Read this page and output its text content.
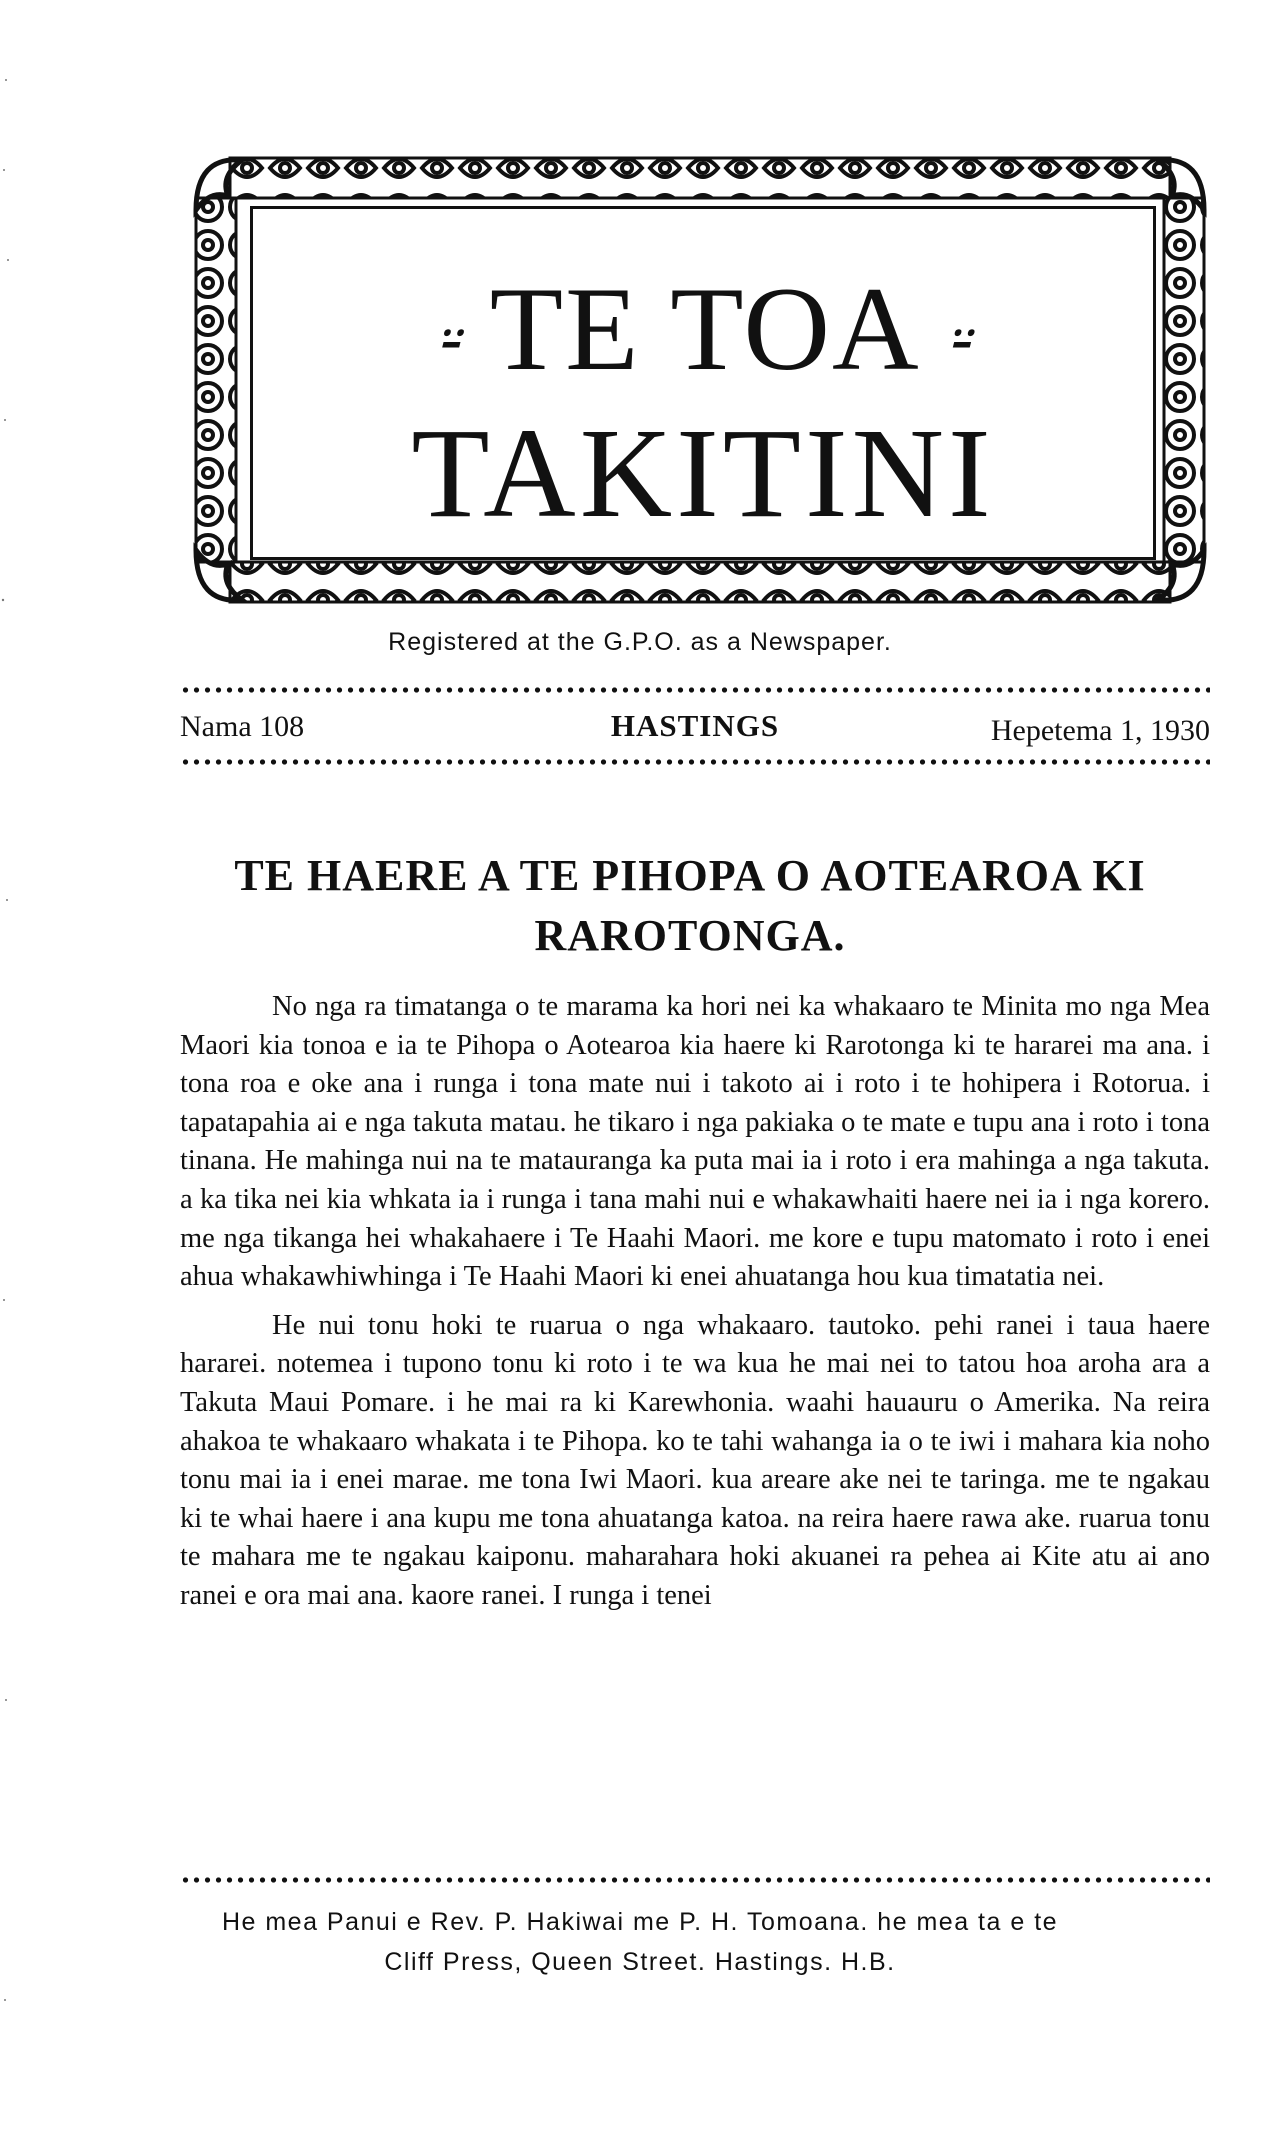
⸚ TE TOA ⸚
TAKITINI
Registered at the G.P.O. as a Newspaper.
Nama 108	HASTINGS	Hepetema 1, 1930
TE HAERE A TE PIHOPA O AOTEAROA KI RAROTONGA.

No nga ra timatanga o te marama ka hori nei ka whakaaro te Minita mo nga Mea Maori kia tonoa e ia te Pihopa o Aotearoa kia haere ki Rarotonga ki te hararei ma ana. i tona roa e oke ana i runga i tona mate nui i takoto ai i roto i te hohipera i Rotorua. i tapatapahia ai e nga takuta matau. he tikaro i nga pakiaka o te mate e tupu ana i roto i tona tinana. He mahinga nui na te matauranga ka puta mai ia i roto i era mahinga a nga takuta. a ka tika nei kia whkata ia i runga i tana mahi nui e whakawhaiti haere nei ia i nga korero. me nga tikanga hei whakahaere i Te Haahi Maori. me kore e tupu matomato i roto i enei ahua whakawhiwhinga i Te Haahi Maori ki enei ahuatanga hou kua timatatia nei.

He nui tonu hoki te ruarua o nga whakaaro. tautoko. pehi ranei i taua haere hararei. notemea i tupono tonu ki roto i te wa kua he mai nei to tatou hoa aroha ara a Takuta Maui Pomare. i he mai ra ki Karewhonia. waahi hauauru o Amerika. Na reira ahakoa te whakaaro whakata i te Pihopa. ko te tahi wahanga ia o te iwi i mahara kia noho tonu mai ia i enei marae. me tona Iwi Maori. kua areare ake nei te taringa. me te ngakau ki te whai haere i ana kupu me tona ahuatanga katoa. na reira haere rawa ake. ruarua tonu te mahara me te ngakau kaiponu. maharahara hoki akuanei ra pehea ai Kite atu ai ano ranei e ora mai ana. kaore ranei. I runga i tenei

He mea Panui e Rev. P. Hakiwai me P. H. Tomoana. he mea ta e te
Cliff Press, Queen Street. Hastings. H.B.
